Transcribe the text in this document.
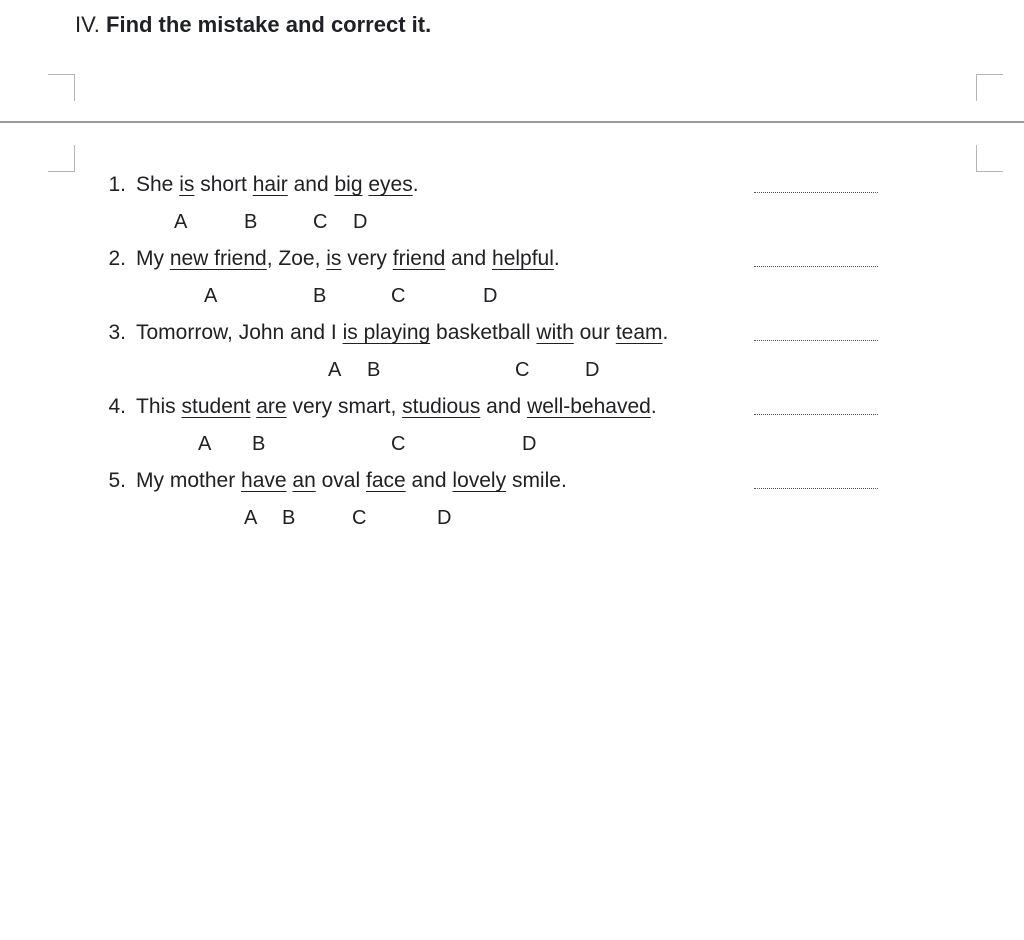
IV. Find the mistake and correct it.
1. She is short hair and big eyes.
A	B	C D
2. My new friend, Zoe, is very friend and helpful.
A	B	C	D
3. Tomorrow, John and I is playing basketball with our team.
A B	C	D
4. This student are very smart, studious and well-behaved.
A B	C	D
5. My mother have an oval face and lovely smile.
A B	C	D
